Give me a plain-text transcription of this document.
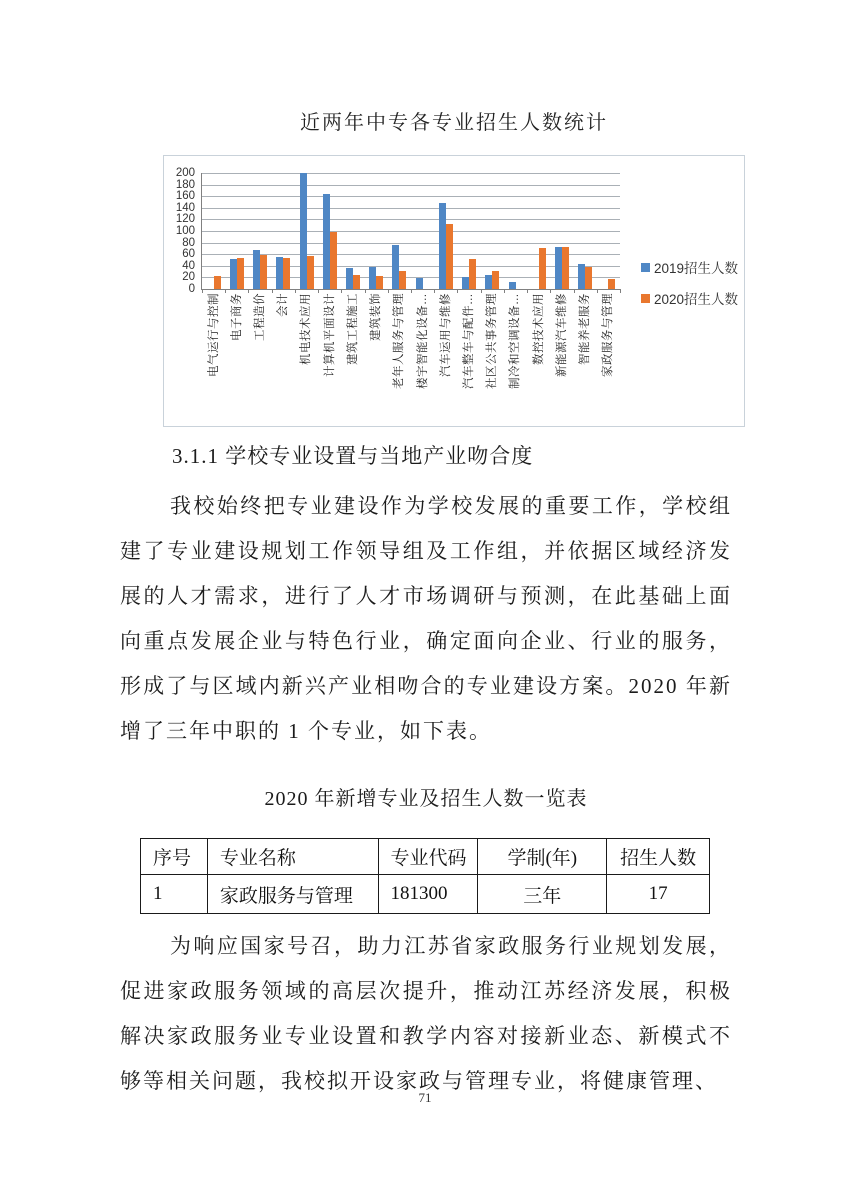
近两年中专各专业招生人数统计
0
20
40
60
80
100
120
140
160
180
200
电气运行与控制 电子商务 工程造价 会计 机电技术应用 计算机平面设计 建筑工程施工 建筑装饰 老年人服务与管理 楼宇智能化设备… 汽车运用与维修 汽车整车与配件… 社区公共事务管理 制冷和空调设备… 数控技术应用 新能源汽车维修 智能养老服务 家政服务与管理
2019招生人数
2020招生人数
3.1.1 学校专业设置与当地产业吻合度

我校始终把专业建设作为学校发展的重要工作，学校组建了专业建设规划工作领导组及工作组，并依据区域经济发展的人才需求，进行了人才市场调研与预测，在此基础上面向重点发展企业与特色行业，确定面向企业、行业的服务，形成了与区域内新兴产业相吻合的专业建设方案。2020 年新增了三年中职的 1 个专业，如下表。

2020 年新增专业及招生人数一览表
序号	专业名称	专业代码	学制(年)	招生人数
1	家政服务与管理	181300	三年	17

为响应国家号召，助力江苏省家政服务行业规划发展，促进家政服务领域的高层次提升，推动江苏经济发展，积极解决家政服务业专业设置和教学内容对接新业态、新模式不够等相关问题，我校拟开设家政与管理专业，将健康管理、

71
